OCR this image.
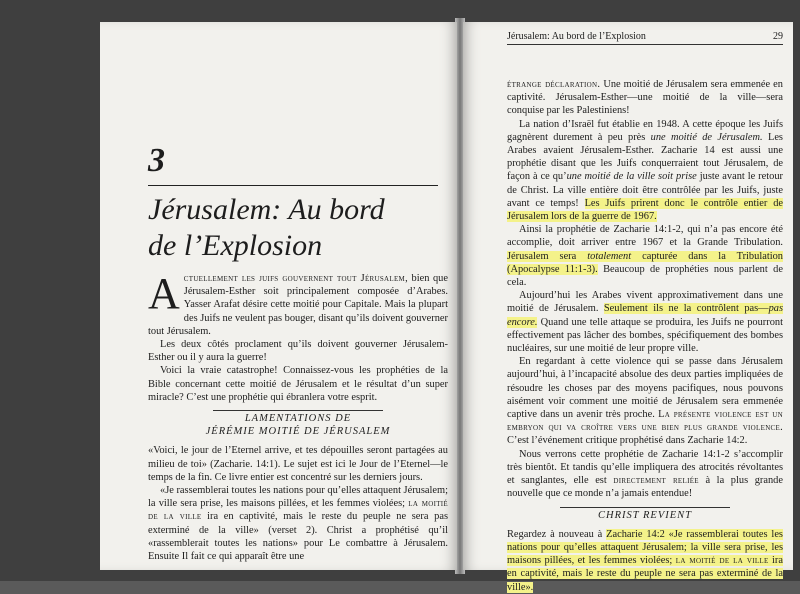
3
Jérusalem: Au bord
de l’Explosion

Actuellement les juifs gouvernent tout Jérusalem, bien que Jérusalem-Esther soit principalement composée d’Arabes. Yasser Arafat désire cette moitié pour Capitale. Mais la plupart des Juifs ne veulent pas bouger, disant qu’ils doivent gouverner tout Jérusalem.

Les deux côtés proclament qu’ils doivent gouverner Jérusalem-Esther ou il y aura la guerre!

Voici la vraie catastrophe! Connaissez-vous les prophéties de la Bible concernant cette moitié de Jérusalem et le résultat d’un super miracle? C’est une prophétie qui ébranlera votre esprit.

LAMENTATIONS DE
JÉRÉMIE MOITIÉ DE JÉRUSALEM

«Voici, le jour de l’Eternel arrive, et tes dépouilles seront partagées au milieu de toi» (Zacharie. 14:1). Le sujet est ici le Jour de l’Eternel—le temps de la fin. Ce livre entier est concentré sur les derniers jours.

«Je rassemblerai toutes les nations pour qu’elles attaquent Jérusalem; la ville sera prise, les maisons pillées, et les femmes violées; la moitié de la ville ira en captivité, mais le reste du peuple ne sera pas exterminé de la ville» (verset 2). Christ a prophétisé qu’il «rassemblerait toutes les nations» pour Le combattre à Jérusalem. Ensuite Il fait ce qui apparaît être une

Jérusalem: Au bord de l’Explosion	29

étrange déclaration. Une moitié de Jérusalem sera emmenée en captivité. Jérusalem-Esther—une moitié de la ville—sera conquise par les Palestiniens!

La nation d’Israël fut établie en 1948. A cette époque les Juifs gagnèrent durement à peu près une moitié de Jérusalem. Les Arabes avaient Jérusalem-Esther. Zacharie 14 est aussi une prophétie disant que les Juifs conquerraient tout Jérusalem, de façon à ce qu’une moitié de la ville soit prise juste avant le retour de Christ. La ville entière doit être contrôlée par les Juifs, juste avant ce temps! Les Juifs prirent donc le contrôle entier de Jérusalem lors de la guerre de 1967.

Ainsi la prophétie de Zacharie 14:1-2, qui n’a pas encore été accomplie, doit arriver entre 1967 et la Grande Tribulation. Jérusalem sera totalement capturée dans la Tribulation (Apocalypse 11:1-3). Beaucoup de prophéties nous parlent de cela.

Aujourd’hui les Arabes vivent approximativement dans une moitié de Jérusalem. Seulement ils ne la contrôlent pas—pas encore. Quand une telle attaque se produira, les Juifs ne pourront effectivement pas lâcher des bombes, spécifiquement des bombes nucléaires, sur une moitié de leur propre ville.

En regardant à cette violence qui se passe dans Jérusalem aujourd’hui, à l’incapacité absolue des deux parties impliquées de résoudre les choses par des moyens pacifiques, nous pouvons aisément voir comment une moitié de Jérusalem sera emmenée captive dans un avenir très proche. La présente violence est un embryon qui va croître vers une bien plus grande violence. C’est l’événement critique prophétisé dans Zacharie 14:2.

Nous verrons cette prophétie de Zacharie 14:1-2 s’accomplir très bientôt. Et tandis qu’elle impliquera des atrocités révoltantes et sanglantes, elle est directement reliée à la plus grande nouvelle que ce monde n’a jamais entendue!

CHRIST REVIENT

Regardez à nouveau à Zacharie 14:2 «Je rassemblerai toutes les nations pour qu’elles attaquent Jérusalem; la ville sera prise, les maisons pillées, et les femmes violées; la moitié de la ville ira en captivité, mais le reste du peuple ne sera pas exterminé de la ville».
